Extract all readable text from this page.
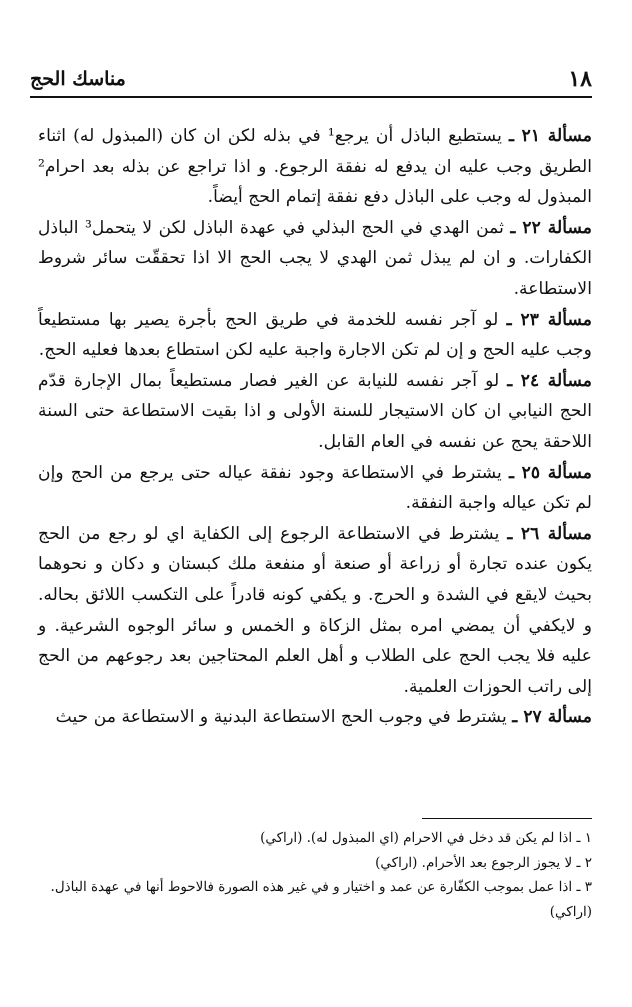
١٨
مناسك الحج

مسألة ٢١ ـ يستطيع الباذل أن يرجع¹ في بذله لكن ان كان (المبذول له) اثناء الطريق وجب عليه ان يدفع له نفقة الرجوع. و اذا تراجع عن بذله بعد احرام² المبذول له وجب على الباذل دفع نفقة إتمام الحج أيضاً.

مسألة ٢٢ ـ ثمن الهدي في الحج البذلي في عهدة الباذل لكن لا يتحمل³ الباذل الكفارات. و ان لم يبذل ثمن الهدي لا يجب الحج الا اذا تحققّت سائر شروط الاستطاعة.

مسألة ٢٣ ـ لو آجر نفسه للخدمة في طريق الحج بأجرة يصير بها مستطيعاً وجب عليه الحج و إن لم تكن الاجارة واجبة عليه لكن استطاع بعدها فعليه الحج.

مسألة ٢٤ ـ لو آجر نفسه للنيابة عن الغير فصار مستطيعاً بمال الإجارة قدّم الحج النيابي ان كان الاستيجار للسنة الأولى و اذا بقيت الاستطاعة حتى السنة اللاحقة يحج عن نفسه في العام القابل.

مسألة ٢٥ ـ يشترط في الاستطاعة وجود نفقة عياله حتى يرجع من الحج وإن لم تكن عياله واجبة النفقة.

مسألة ٢٦ ـ يشترط في الاستطاعة الرجوع إلى الكفاية اي لو رجع من الحج يكون عنده تجارة أو زراعة أو صنعة أو منفعة ملك كبستان و دكان و نحوهما بحيث لايقع في الشدة و الحرج. و يكفي كونه قادراً على التكسب اللائق بحاله. و لايكفي أن يمضي امره بمثل الزكاة و الخمس و سائر الوجوه الشرعية. و عليه فلا يجب الحج على الطلاب و أهل العلم المحتاجين بعد رجوعهم من الحج إلى راتب الحوزات العلمية.

مسألة ٢٧ ـ يشترط في وجوب الحج الاستطاعة البدنية و الاستطاعة من حيث

١ ـ اذا لم يكن قد دخل في الاحرام (اي المبذول له). (اراكي)

٢ ـ لا يجوز الرجوع بعد الأحرام. (اراكي)

٣ ـ اذا عمل بموجب الكفّارة عن عمد و اختيار و في غير هذه الصورة فالاحوط أنها في عهدة الباذل. (اراكي)
